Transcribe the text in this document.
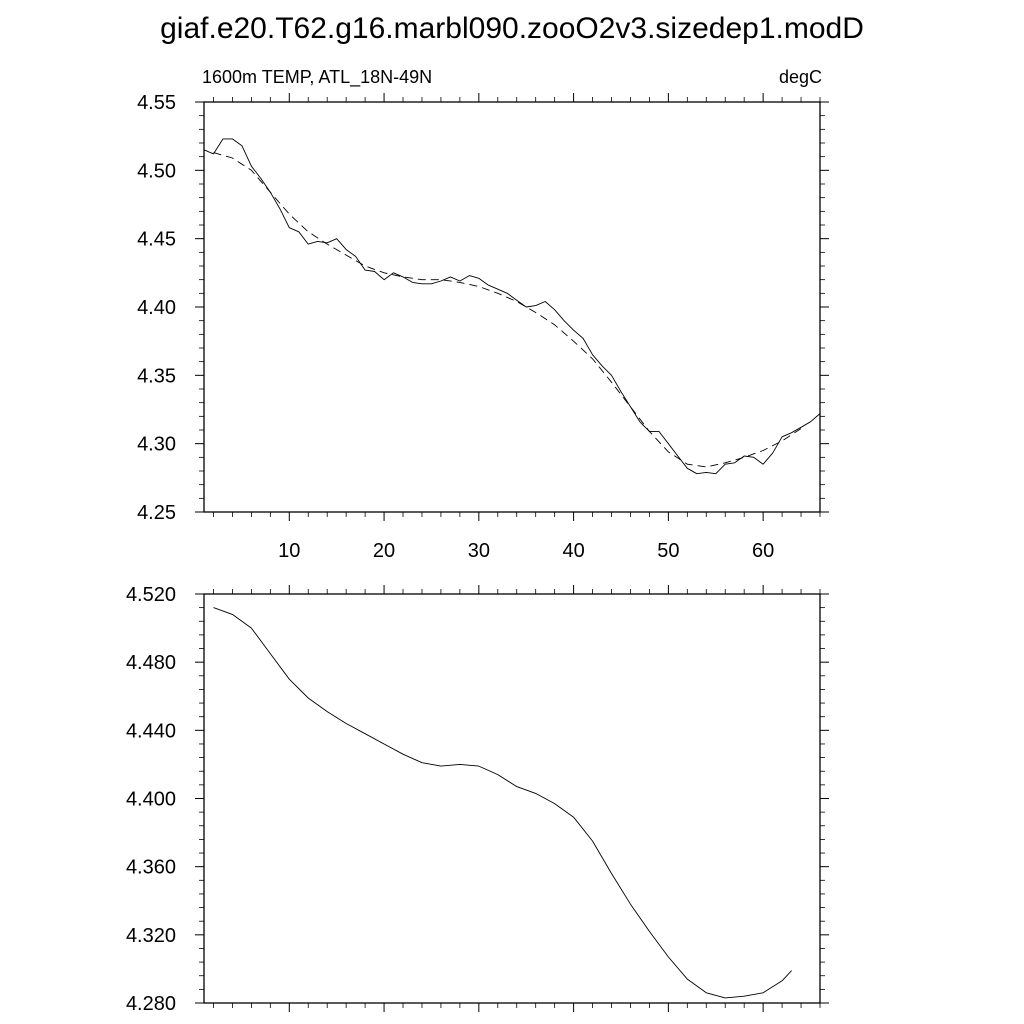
giaf.e20.T62.g16.marbl090.zooO2v3.sizedep1.modD
1600m TEMP, ATL_18N-49N	degC
4.25
4.30
4.35
4.40
4.45
4.50
4.55
10	20	30	40	50	60
4.280
4.320
4.360
4.400
4.440
4.480
4.520
